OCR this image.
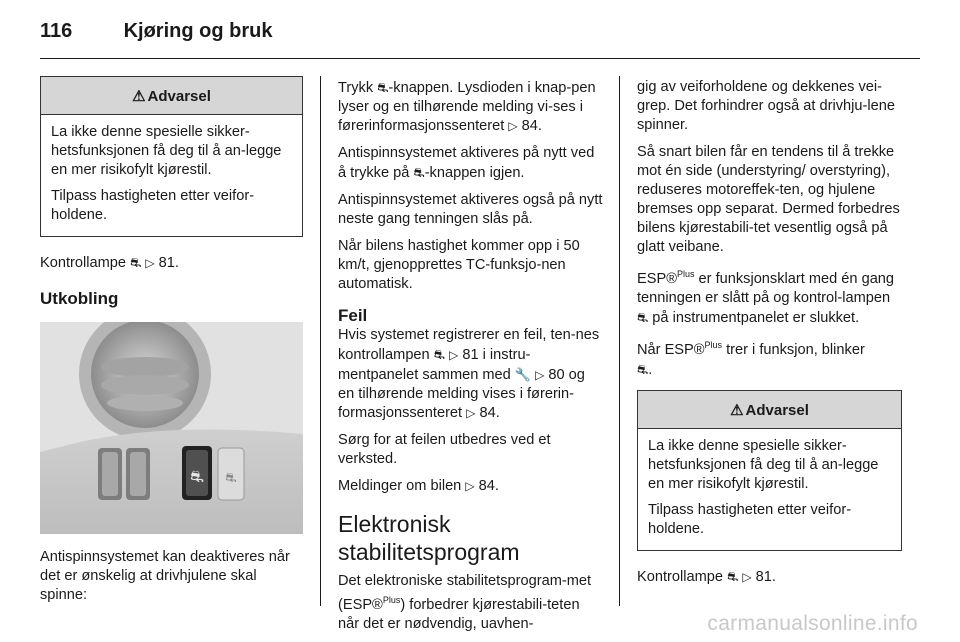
116	Kjøring og bruk
⚠ Advarsel

La ikke denne spesielle sikker-hetsfunksjonen få deg til å an-legge en mer risikofylt kjørestil.

Tilpass hastigheten etter veifor-holdene.

Kontrollampe ⛐ ▷ 81.

Utkobling
⛐ ⛐

Antispinnsystemet kan deaktiveres når det er ønskelig at drivhjulene skal spinne:

Trykk ⛐-knappen. Lysdioden i knap-pen lyser og en tilhørende melding vi-ses i førerinformasjonssenteret ▷ 84.

Antispinnsystemet aktiveres på nytt ved å trykke på ⛐-knappen igjen.

Antispinnsystemet aktiveres også på nytt neste gang tenningen slås på.

Når bilens hastighet kommer opp i 50 km/t, gjenopprettes TC-funksjo-nen automatisk.

Feil

Hvis systemet registrerer en feil, ten-nes kontrollampen ⛐ ▷ 81 i instru-mentpanelet sammen med 🔧 ▷ 80 og en tilhørende melding vises i førerin-formasjonssenteret ▷ 84.

Sørg for at feilen utbedres ved et verksted.

Meldinger om bilen ▷ 84.

Elektronisk
stabilitetsprogram

Det elektroniske stabilitetsprogram-met (ESP®$^{Plus}$) forbedrer kjørestabili-teten når det er nødvendig, uavhen-

gig av veiforholdene og dekkenes vei-grep. Det forhindrer også at drivhju-lene spinner.

Så snart bilen får en tendens til å trekke mot én side (understyring/ overstyring), reduseres motoreffek-ten, og hjulene bremses opp separat. Dermed forbedres bilens kjørestabili-tet vesentlig også på glatt veibane.

ESP®$^{Plus}$ er funksjonsklart med én gang tenningen er slått på og kontrol-lampen ⛐ på instrumentpanelet er slukket.

Når ESP®$^{Plus}$ trer i funksjon, blinker
⛐.

⚠ Advarsel

La ikke denne spesielle sikker-hetsfunksjonen få deg til å an-legge en mer risikofylt kjørestil.

Tilpass hastigheten etter veifor-holdene.

Kontrollampe ⛐ ▷ 81.

carmanualsonline.info
